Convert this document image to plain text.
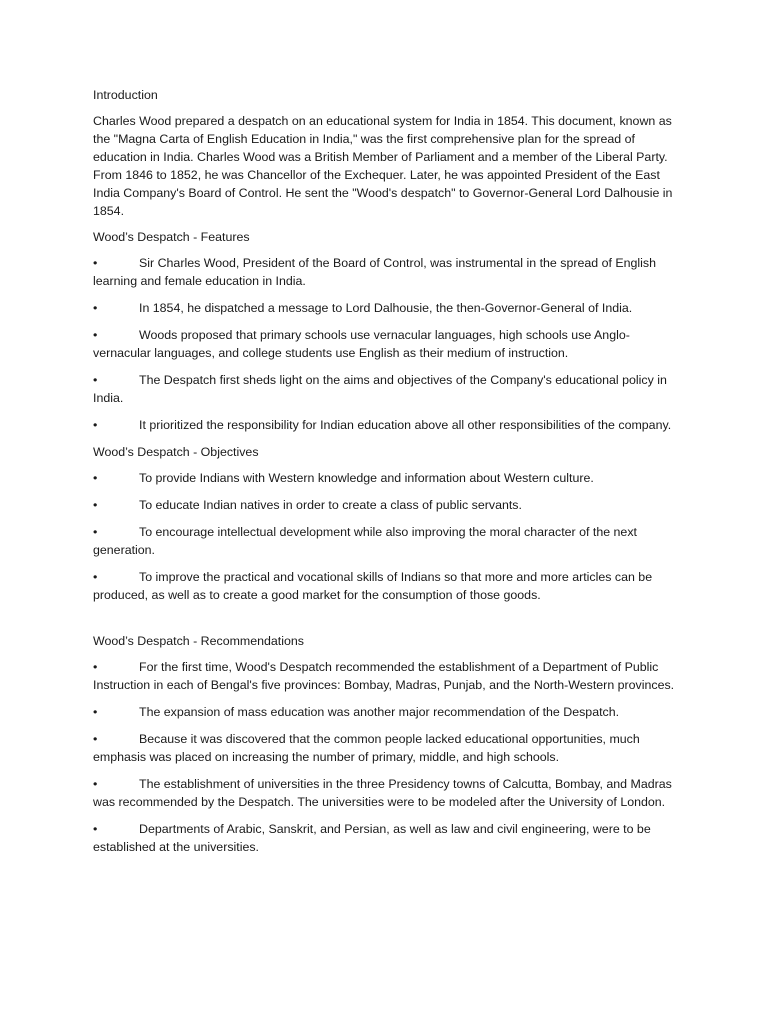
Introduction
Charles Wood prepared a despatch on an educational system for India in 1854. This document, known as the "Magna Carta of English Education in India," was the first comprehensive plan for the spread of education in India. Charles Wood was a British Member of Parliament and a member of the Liberal Party. From 1846 to 1852, he was Chancellor of the Exchequer. Later, he was appointed President of the East India Company's Board of Control. He sent the "Wood's despatch" to Governor-General Lord Dalhousie in 1854.
Wood’s Despatch - Features
•	Sir Charles Wood, President of the Board of Control, was instrumental in the spread of English learning and female education in India.
•	In 1854, he dispatched a message to Lord Dalhousie, the then-Governor-General of India.
•	Woods proposed that primary schools use vernacular languages, high schools use Anglo-vernacular languages, and college students use English as their medium of instruction.
•	The Despatch first sheds light on the aims and objectives of the Company's educational policy in India.
•	It prioritized the responsibility for Indian education above all other responsibilities of the company.
Wood’s Despatch - Objectives
•	To provide Indians with Western knowledge and information about Western culture.
•	To educate Indian natives in order to create a class of public servants.
•	To encourage intellectual development while also improving the moral character of the next generation.
•	To improve the practical and vocational skills of Indians so that more and more articles can be produced, as well as to create a good market for the consumption of those goods.
Wood’s Despatch - Recommendations
•	For the first time, Wood's Despatch recommended the establishment of a Department of Public Instruction in each of Bengal's five provinces: Bombay, Madras, Punjab, and the North-Western provinces.
•	The expansion of mass education was another major recommendation of the Despatch.
•	Because it was discovered that the common people lacked educational opportunities, much emphasis was placed on increasing the number of primary, middle, and high schools.
•	The establishment of universities in the three Presidency towns of Calcutta, Bombay, and Madras was recommended by the Despatch. The universities were to be modeled after the University of London.
•	Departments of Arabic, Sanskrit, and Persian, as well as law and civil engineering, were to be established at the universities.
